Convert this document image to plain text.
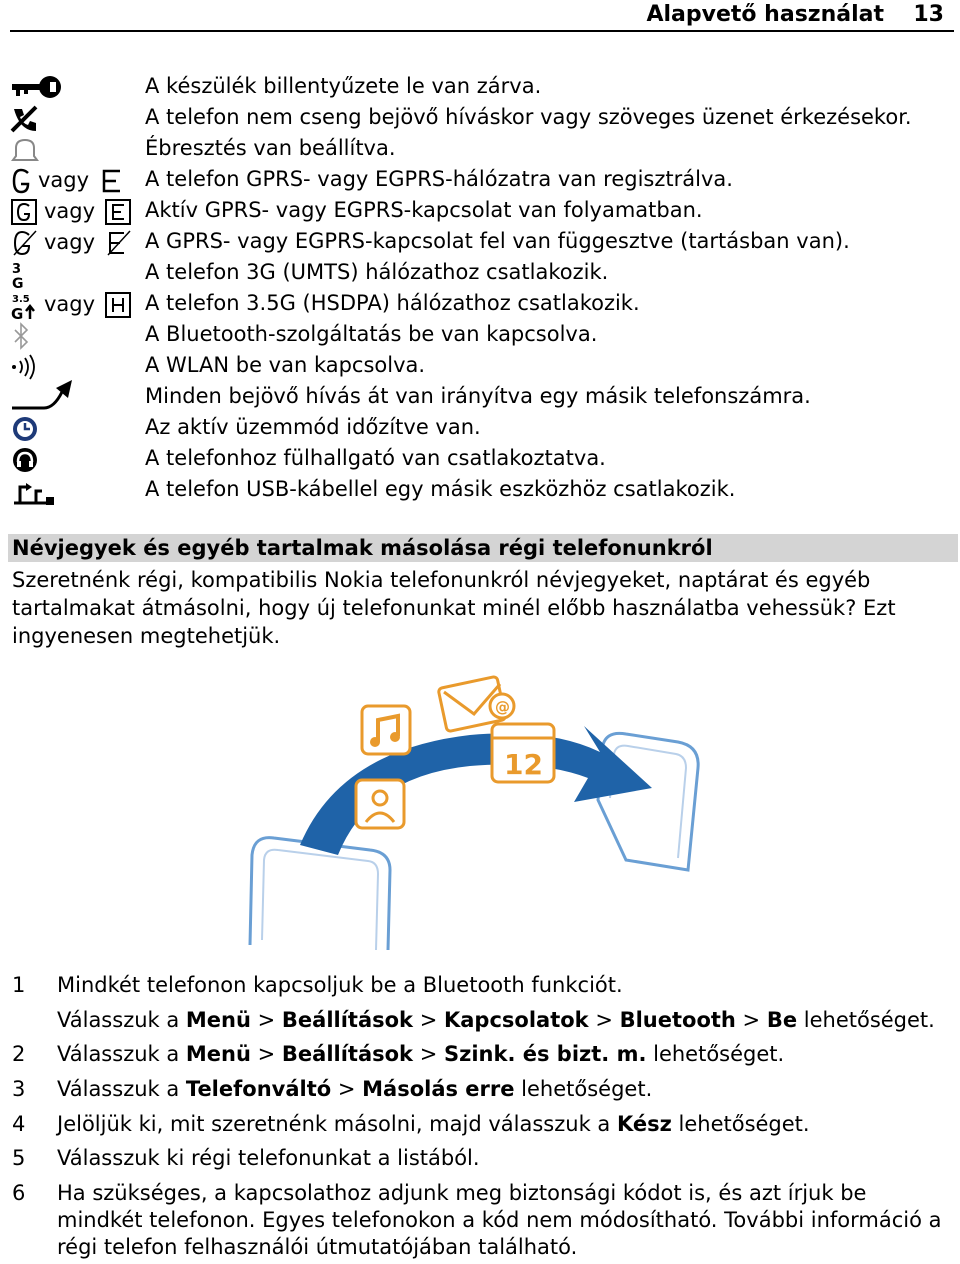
Alapvető használat 13
A készülék billentyűzete le van zárva.
A telefon nem cseng bejövő híváskor vagy szöveges üzenet érkezésekor.
Ébresztés van beállítva.
vagy	A telefon GPRS- vagy EGPRS-hálózatra van regisztrálva.
vagy Aktív GPRS- vagy EGPRS-kapcsolat van folyamatban.
vagy A GPRS- vagy EGPRS-kapcsolat fel van függesztve (tartásban van).
3
G	A telefon 3G (UMTS) hálózathoz csatlakozik.
3.5
G vagy A telefon 3.5G (HSDPA) hálózathoz csatlakozik.
A Bluetooth-szolgáltatás be van kapcsolva.
A WLAN be van kapcsolva.
Minden bejövő hívás át van irányítva egy másik telefonszámra.
Az aktív üzemmód időzítve van.
A telefonhoz fülhallgató van csatlakoztatva.
A telefon USB-kábellel egy másik eszközhöz csatlakozik.
Névjegyek és egyéb tartalmak másolása régi telefonunkról
Szeretnénk régi, kompatibilis Nokia telefonunkról névjegyeket, naptárat és egyéb tartalmakat átmásolni, hogy új telefonunkat minél előbb használatba vehessük? Ezt ingyenesen megtehetjük.
@
12
1 Mindkét telefonon kapcsoljuk be a Bluetooth funkciót.
Válasszuk a Menü > Beállítások > Kapcsolatok > Bluetooth > Be lehetőséget.
2 Válasszuk a Menü > Beállítások > Szink. és bizt. m. lehetőséget.
3 Válasszuk a Telefonváltó > Másolás erre lehetőséget.
4 Jelöljük ki, mit szeretnénk másolni, majd válasszuk a Kész lehetőséget.
5 Válasszuk ki régi telefonunkat a listából.
6 Ha szükséges, a kapcsolathoz adjunk meg biztonsági kódot is, és azt írjuk be mindkét telefonon. Egyes telefonokon a kód nem módosítható. További információ a régi telefon felhasználói útmutatójában található.
